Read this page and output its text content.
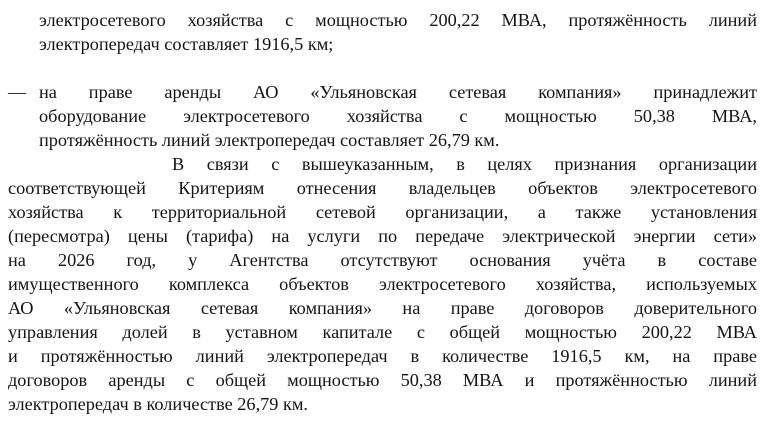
—
электросетевого хозяйства с мощностью 200,22 МВА, протяжённость линий
электропередач составляет 1916,5 км;
на праве аренды АО «Ульяновская сетевая компания» принадлежит
оборудование электросетевого хозяйства с мощностью 50,38 МВА,
протяжённость линий электропередач составляет 26,79 км.
В связи с вышеуказанным, в целях признания организации
соответствующей Критериям отнесения владельцев объектов электросетевого
хозяйства к территориальной сетевой организации, а также установления
(пересмотра) цены (тарифа) на услуги по передаче электрической энергии сети»
на 2026 год, у Агентства отсутствуют основания учёта в составе
имущественного комплекса объектов электросетевого хозяйства, используемых
АО «Ульяновская сетевая компания» на праве договоров доверительного
управления долей в уставном капитале с общей мощностью 200,22 МВА
и протяжённостью линий электропередач в количестве 1916,5 км, на праве
договоров аренды с общей мощностью 50,38 МВА и протяжённостью линий
электропередач в количестве 26,79 км.
